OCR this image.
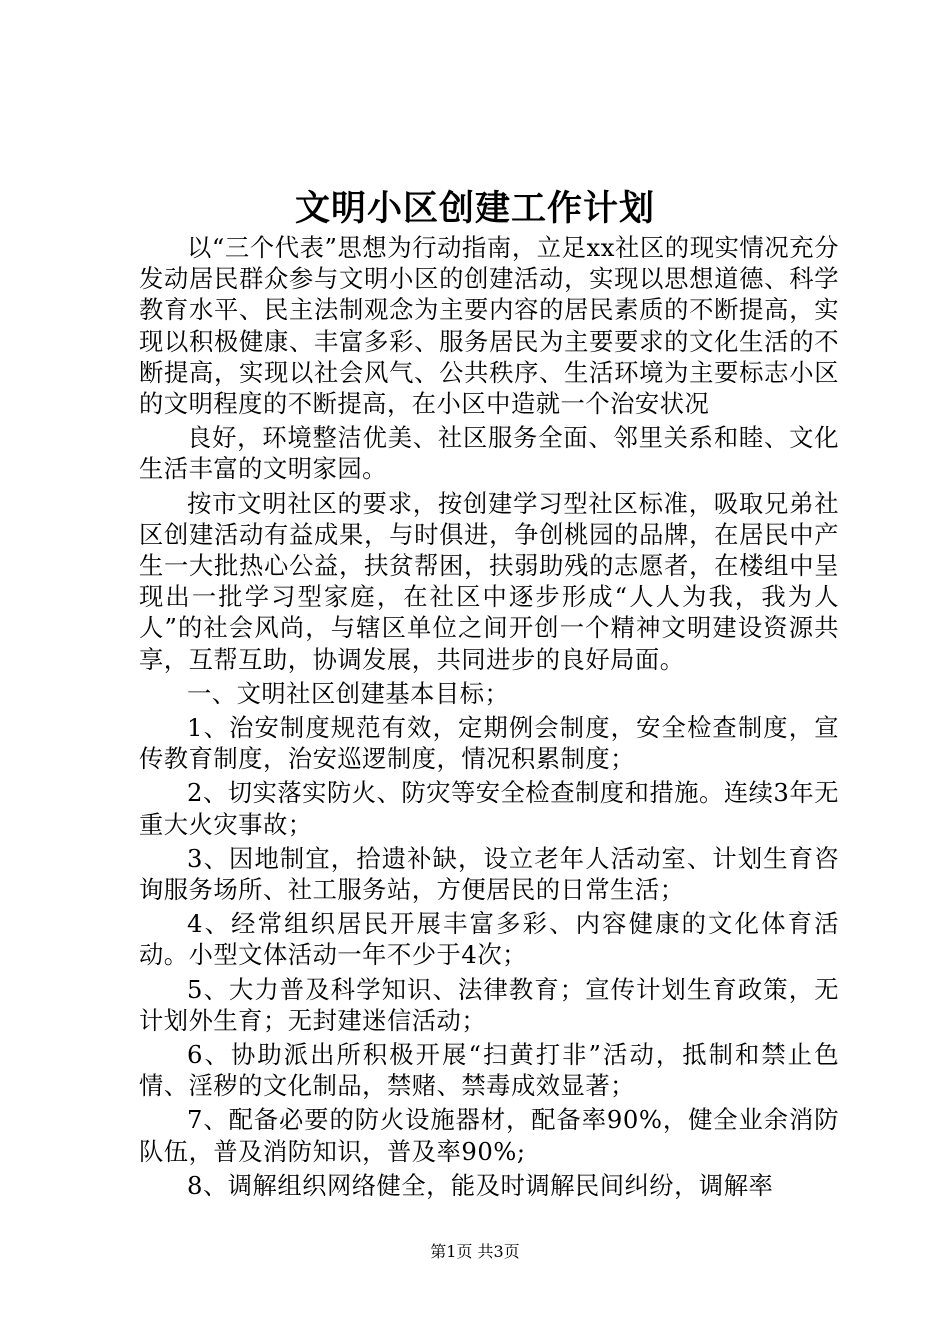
文明小区创建工作计划

以“三个代表”思想为行动指南，立足xx社区的现实情况充分发动居民群众参与文明小区的创建活动，实现以思想道德、科学教育水平、民主法制观念为主要内容的居民素质的不断提高，实现以积极健康、丰富多彩、服务居民为主要要求的文化生活的不断提高，实现以社会风气、公共秩序、生活环境为主要标志小区的文明程度的不断提高，在小区中造就一个治安状况

良好，环境整洁优美、社区服务全面、邻里关系和睦、文化生活丰富的文明家园。

按市文明社区的要求，按创建学习型社区标准，吸取兄弟社区创建活动有益成果，与时俱进，争创桃园的品牌，在居民中产生一大批热心公益，扶贫帮困，扶弱助残的志愿者，在楼组中呈现出一批学习型家庭，在社区中逐步形成“人人为我，我为人人”的社会风尚，与辖区单位之间开创一个精神文明建设资源共享，互帮互助，协调发展，共同进步的良好局面。

一、文明社区创建基本目标；

1、治安制度规范有效，定期例会制度，安全检查制度，宣传教育制度，治安巡逻制度，情况积累制度；

2、切实落实防火、防灾等安全检查制度和措施。连续3年无重大火灾事故；

3、因地制宜，拾遗补缺，设立老年人活动室、计划生育咨询服务场所、社工服务站，方便居民的日常生活；

4、经常组织居民开展丰富多彩、内容健康的文化体育活动。小型文体活动一年不少于4次；

5、大力普及科学知识、法律教育；宣传计划生育政策，无计划外生育；无封建迷信活动；

6、协助派出所积极开展“扫黄打非”活动，抵制和禁止色情、淫秽的文化制品，禁赌、禁毒成效显著；

7、配备必要的防火设施器材，配备率90%，健全业余消防队伍，普及消防知识，普及率90%;

8、调解组织网络健全，能及时调解民间纠纷，调解率

第1页 共3页
